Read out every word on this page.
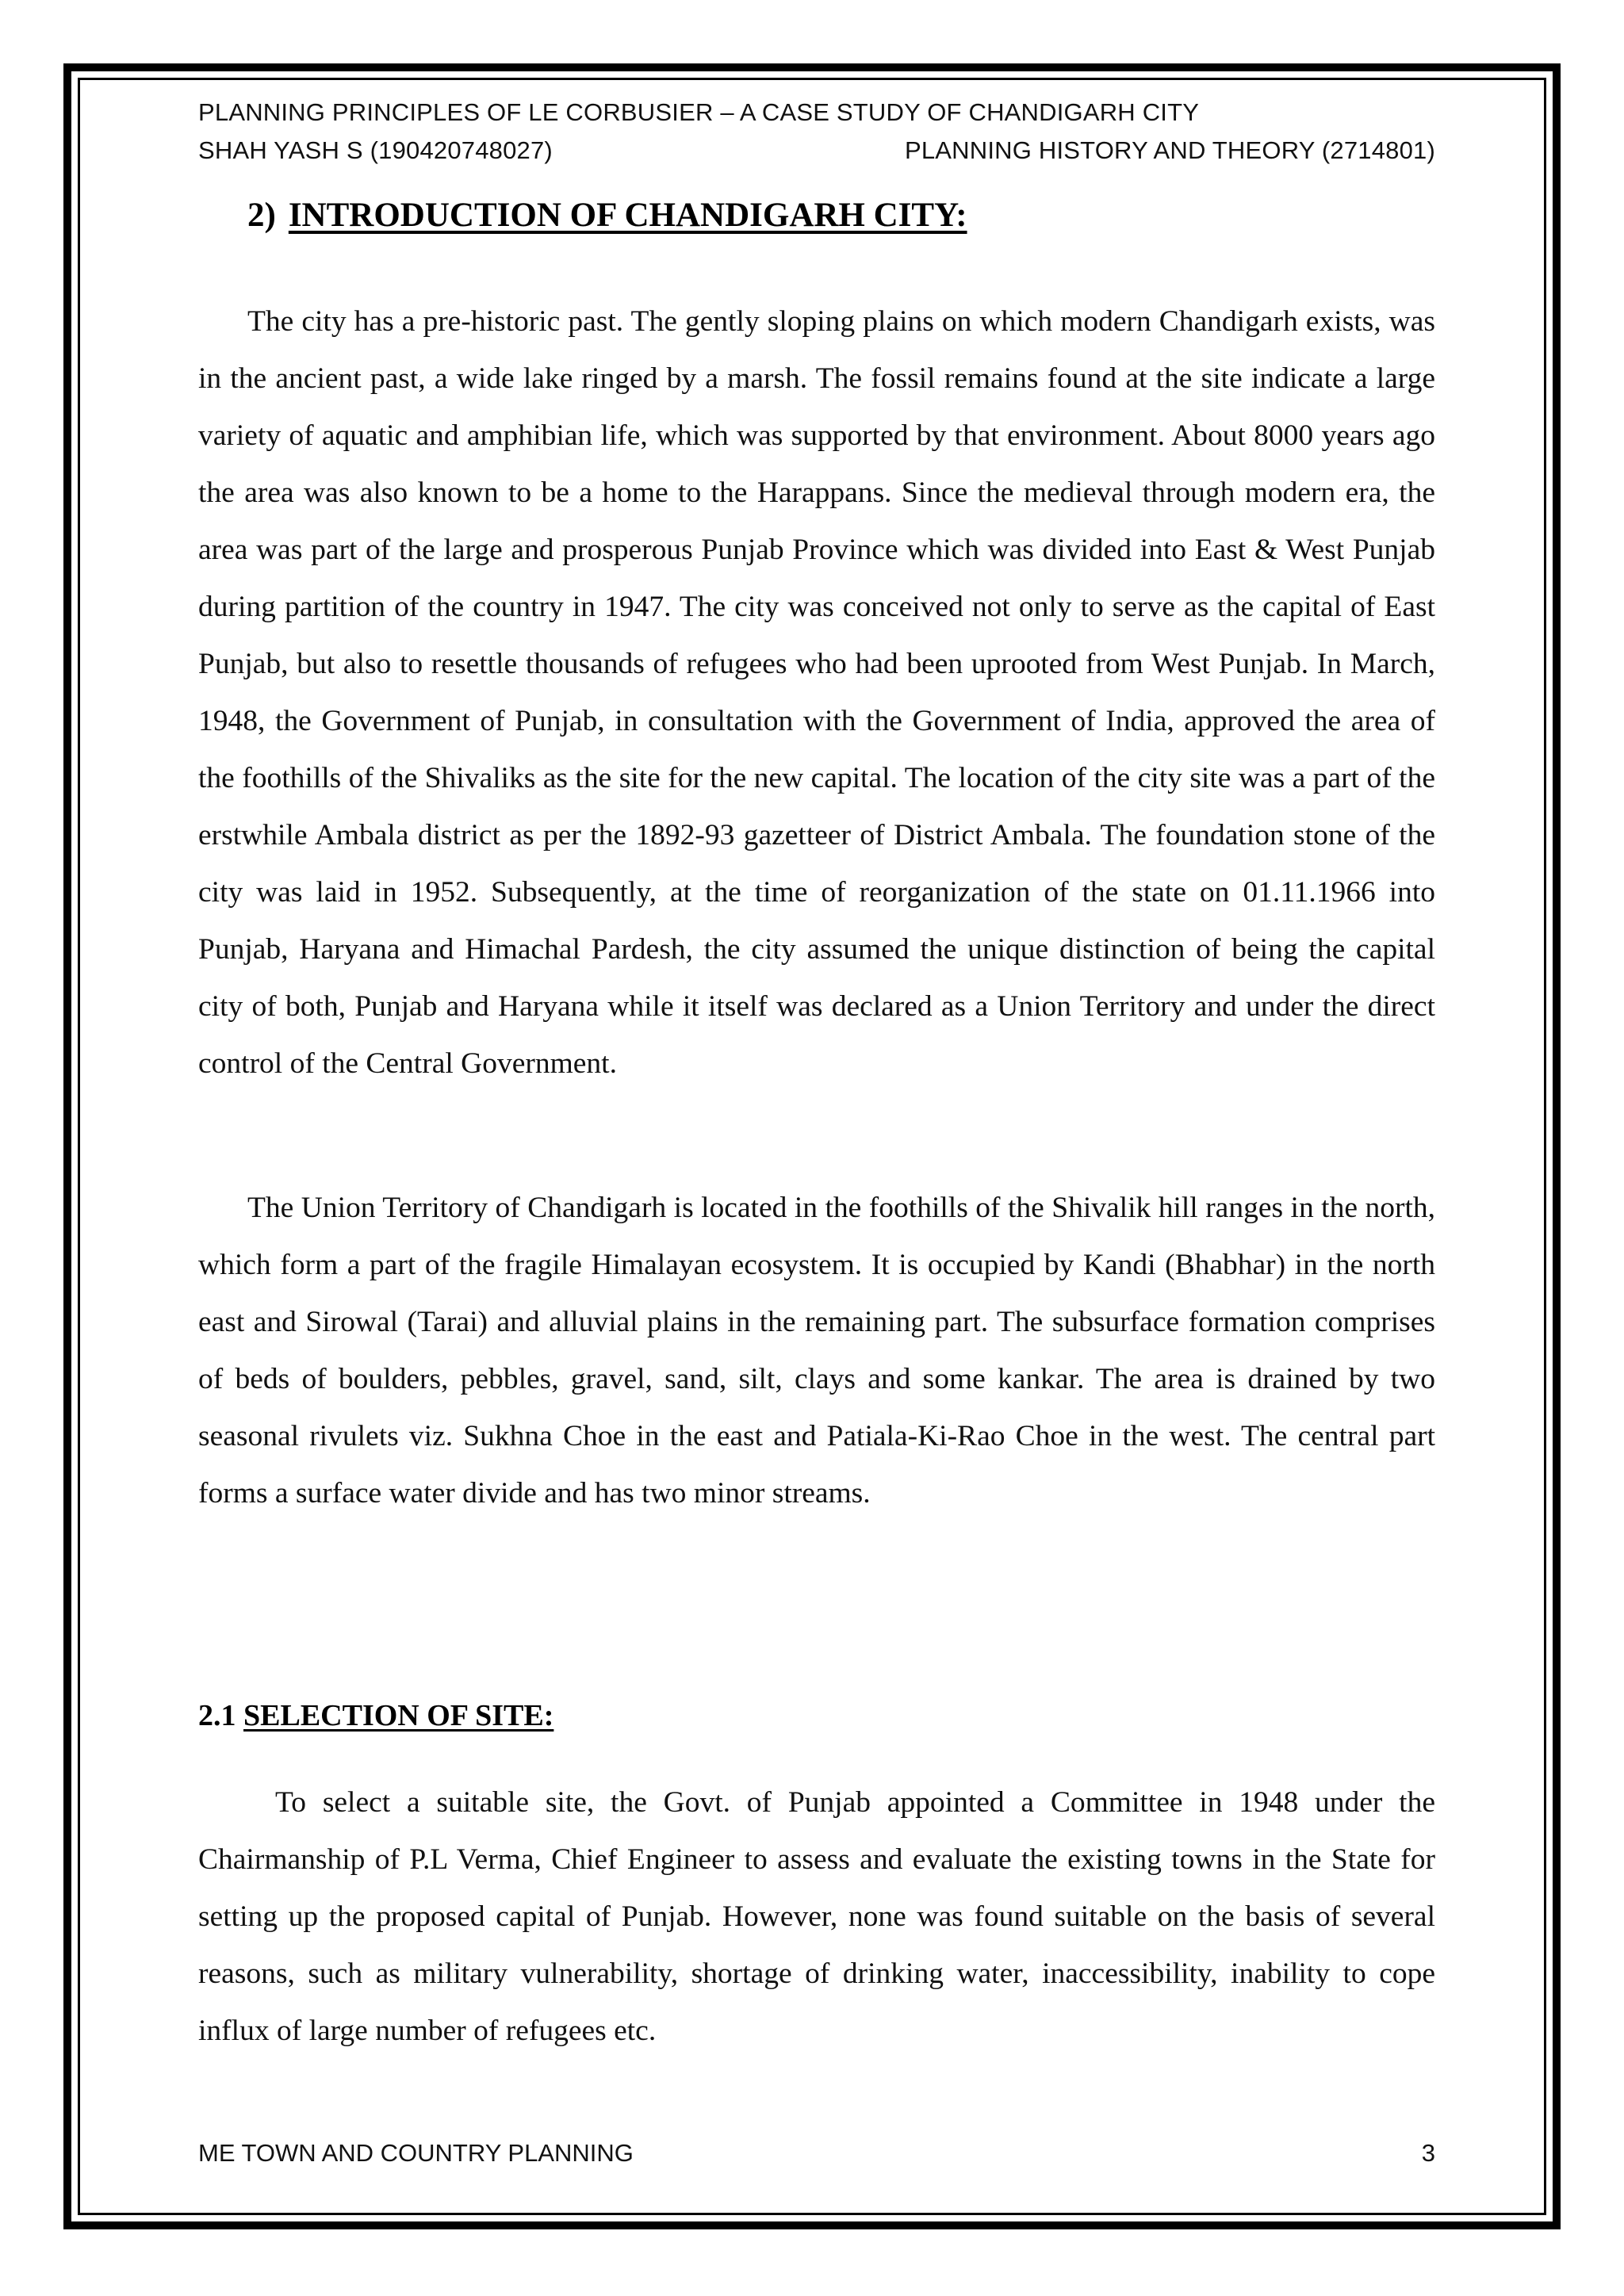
PLANNING PRINCIPLES OF LE CORBUSIER – A CASE STUDY OF CHANDIGARH CITY
SHAH YASH S (190420748027)	PLANNING HISTORY AND THEORY (2714801)
2) INTRODUCTION OF CHANDIGARH CITY:

The city has a pre-historic past. The gently sloping plains on which modern Chandigarh exists, was in the ancient past, a wide lake ringed by a marsh. The fossil remains found at the site indicate a large variety of aquatic and amphibian life, which was supported by that environment. About 8000 years ago the area was also known to be a home to the Harappans. Since the medieval through modern era, the area was part of the large and prosperous Punjab Province which was divided into East & West Punjab during partition of the country in 1947. The city was conceived not only to serve as the capital of East Punjab, but also to resettle thousands of refugees who had been uprooted from West Punjab. In March, 1948, the Government of Punjab, in consultation with the Government of India, approved the area of the foothills of the Shivaliks as the site for the new capital. The location of the city site was a part of the erstwhile Ambala district as per the 1892-93 gazetteer of District Ambala. The foundation stone of the city was laid in 1952. Subsequently, at the time of reorganization of the state on 01.11.1966 into Punjab, Haryana and Himachal Pardesh, the city assumed the unique distinction of being the capital city of both, Punjab and Haryana while it itself was declared as a Union Territory and under the direct control of the Central Government.

The Union Territory of Chandigarh is located in the foothills of the Shivalik hill ranges in the north, which form a part of the fragile Himalayan ecosystem. It is occupied by Kandi (Bhabhar) in the north east and Sirowal (Tarai) and alluvial plains in the remaining part. The subsurface formation comprises of beds of boulders, pebbles, gravel, sand, silt, clays and some kankar. The area is drained by two seasonal rivulets viz. Sukhna Choe in the east and Patiala-Ki-Rao Choe in the west. The central part forms a surface water divide and has two minor streams.

2.1 SELECTION OF SITE:

To select a suitable site, the Govt. of Punjab appointed a Committee in 1948 under the Chairmanship of P.L Verma, Chief Engineer to assess and evaluate the existing towns in the State for setting up the proposed capital of Punjab. However, none was found suitable on the basis of several reasons, such as military vulnerability, shortage of drinking water, inaccessibility, inability to cope influx of large number of refugees etc.

ME TOWN AND COUNTRY PLANNING	3
